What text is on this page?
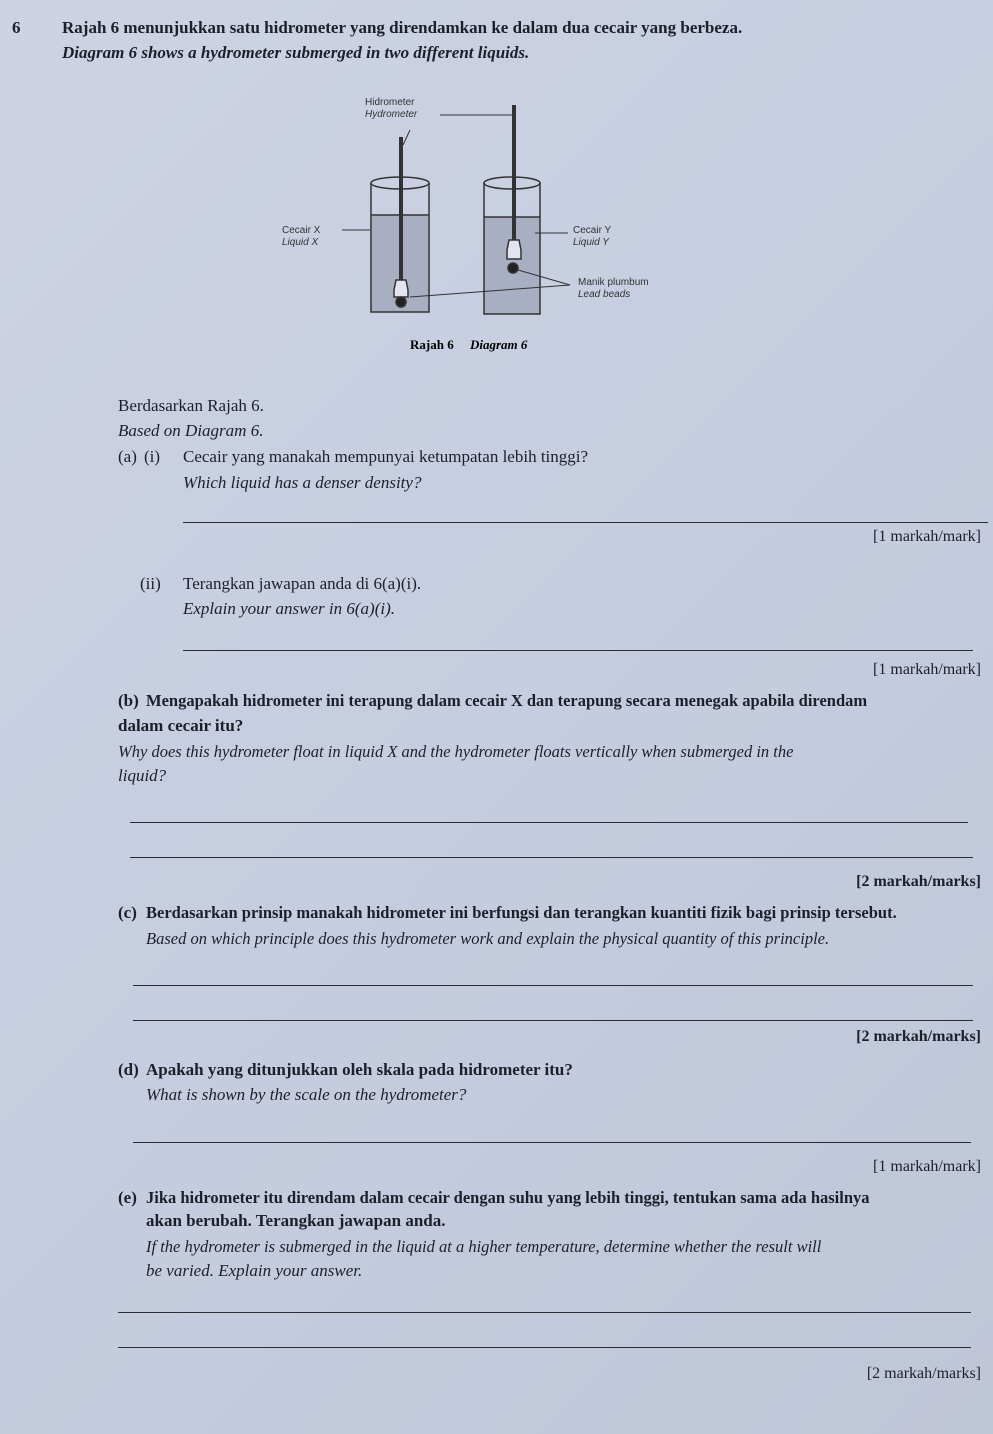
6 Rajah 6 menunjukkan satu hidrometer yang direndamkan ke dalam dua cecair yang berbeza.
Diagram 6 shows a hydrometer submerged in two different liquids.
Hidrometer
Hydrometer
Cecair X
Liquid X
Cecair Y
Liquid Y
Manik plumbum
Lead beads
Rajah 6 Diagram 6
Berdasarkan Rajah 6.
Based on Diagram 6.
(a) (i) Cecair yang manakah mempunyai ketumpatan lebih tinggi?
Which liquid has a denser density?
[1 markah/mark]
(ii) Terangkan jawapan anda di 6(a)(i).
Explain your answer in 6(a)(i).
[1 markah/mark]
(b) Mengapakah hidrometer ini terapung dalam cecair X dan terapung secara menegak apabila direndam
dalam cecair itu?
Why does this hydrometer float in liquid X and the hydrometer floats vertically when submerged in the
liquid?
[2 markah/marks]
(c) Berdasarkan prinsip manakah hidrometer ini berfungsi dan terangkan kuantiti fizik bagi prinsip tersebut.
Based on which principle does this hydrometer work and explain the physical quantity of this principle.
[2 markah/marks]
(d) Apakah yang ditunjukkan oleh skala pada hidrometer itu?
What is shown by the scale on the hydrometer?
[1 markah/mark]
(e) Jika hidrometer itu direndam dalam cecair dengan suhu yang lebih tinggi, tentukan sama ada hasilnya
akan berubah. Terangkan jawapan anda.
If the hydrometer is submerged in the liquid at a higher temperature, determine whether the result will
be varied. Explain your answer.
[2 markah/marks]
